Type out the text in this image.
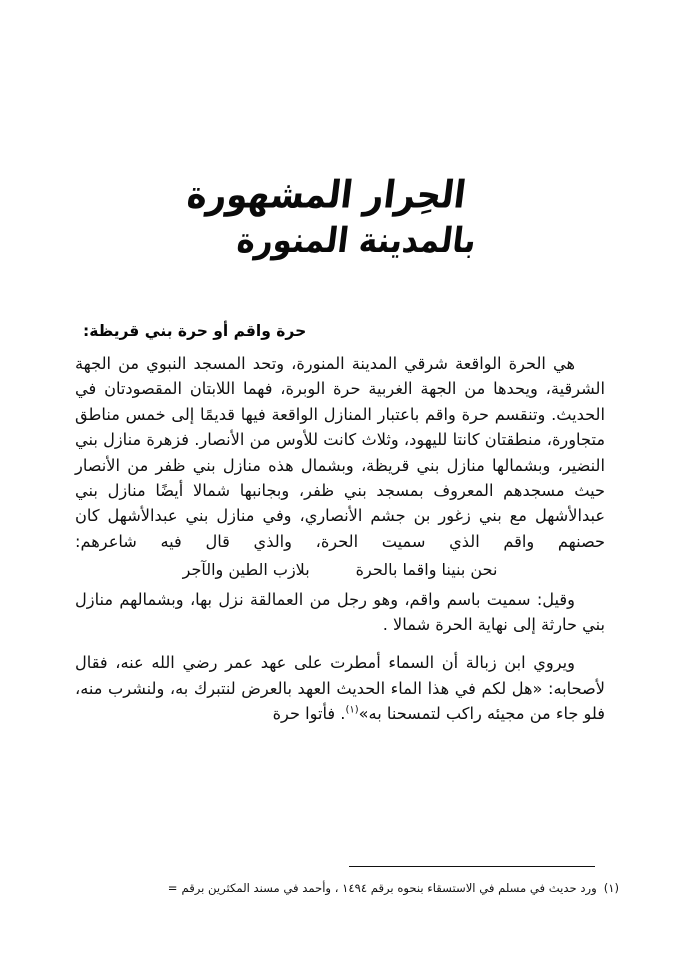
الحِرار المشهورة
بالمدينة المنورة
حرة واقم أو حرة بني قريظة:

هي الحرة الواقعة شرقي المدينة المنورة، وتحد المسجد النبوي من الجهة الشرقية، ويحدها من الجهة الغربية حرة الوبرة، فهما اللابتان المقصودتان في الحديث. وتنقسم حرة واقم باعتبار المنازل الواقعة فيها قديمًا إلى خمس مناطق متجاورة، منطقتان كانتا لليهود، وثلاث كانت للأوس من الأنصار. فزهرة منازل بني النضير، وبشمالها منازل بني قريظة، وبشمال هذه منازل بني ظفر من الأنصار حيث مسجدهم المعروف بمسجد بني ظفر، وبجانبها شمالا أيضًا منازل بني عبدالأشهل مع بني زغور بن جشم الأنصاري، وفي منازل بني عبدالأشهل كان حصنهم واقم الذي سميت الحرة، والذي قال فيه شاعرهم:

نحن بنينا واقما بالحرة
بلازب الطين والآجر

وقيل: سميت باسم واقم، وهو رجل من العمالقة نزل بها، وبشمالهم منازل بني حارثة إلى نهاية الحرة شمالا .

ويروي ابن زبالة أن السماء أمطرت على عهد عمر رضي الله عنه، فقال لأصحابه: «هل لكم في هذا الماء الحديث العهد بالعرض لنتبرك به، ولنشرب منه، فلو جاء من مجيئه راكب لتمسحنا به»$^{(١)}$. فأتوا حرة

(١)ورد حديث في مسلم في الاستسقاء بنحوه برقم ١٤٩٤ ، وأحمد في مسند المكثرين برقم=
